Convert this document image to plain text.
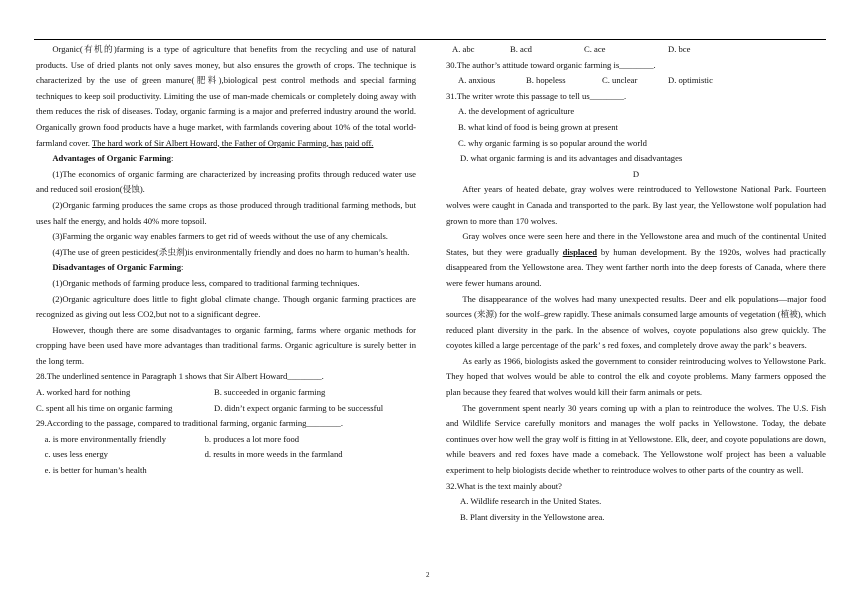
Organic(有机的)farming is a type of agriculture that benefits from the recycling and use of natural products. Use of dried plants not only saves money, but also ensures the growth of crops. The technique is characterized by the use of green manure(肥料),biological pest control methods and special farming techniques to keep soil productivity. Limiting the use of man-made chemicals or completely doing away with them reduces the risk of diseases. Today, organic farming is a major and preferred industry around the world. Organically grown food products have a huge market, with farmlands covering about 10% of the total world-farmland cover. The hard work of Sir Albert Howard, the Father of Organic Farming, has paid off.

Advantages of Organic Farming:

(1)The economics of organic farming are characterized by increasing profits through reduced water use and reduced soil erosion(侵蚀).

(2)Organic farming produces the same crops as those produced through traditional farming methods, but uses half the energy, and holds 40% more topsoil.

(3)Farming the organic way enables farmers to get rid of weeds without the use of any chemicals.

(4)The use of green pesticides(杀虫剂)is environmentally friendly and does no harm to human’s health.

Disadvantages of Organic Farming:

(1)Organic methods of farming produce less, compared to traditional farming techniques.

(2)Organic agriculture does little to fight global climate change. Though organic farming practices are recognized as giving out less CO2,but not to a significant degree.

However, though there are some disadvantages to organic farming, farms where organic methods for cropping have been used have more advantages than traditional farms. Organic agriculture is surely better in the long term.

28.The underlined sentence in Paragraph 1 shows that Sir Albert Howard________.

A. worked hard for nothing	B. succeeded in organic farming
C. spent all his time on organic farming	D. didn’t expect organic farming to be successful

29.According to the passage, compared to traditional farming, organic farming________.

a. is more environmentally friendly	b. produces a lot more food
c. uses less energy	d. results in more weeds in the farmland
e. is better for human’s health
A. abc	B. acd	C. ace	D. bce

30.The author’s attitude toward organic farming is________.

A. anxious	B. hopeless	C. unclear	D. optimistic

31.The writer wrote this passage to tell us________.

A. the development of agriculture

B. what kind of food is being grown at present

C. why organic farming is so popular around the world

D. what organic farming is and its advantages and disadvantages

D

After years of heated debate, gray wolves were reintroduced to Yellowstone National Park. Fourteen wolves were caught in Canada and transported to the park. By last year, the Yellowstone wolf population had grown to more than 170 wolves.

Gray wolves once were seen here and there in the Yellowstone area and much of the continental United States, but they were gradually displaced by human development. By the 1920s, wolves had practically disappeared from the Yellowstone area. They went farther north into the deep forests of Canada, where there were fewer humans around.

The disappearance of the wolves had many unexpected results. Deer and elk populations—major food sources (来源) for the wolf–grew rapidly. These animals consumed large amounts of vegetation (植被), which reduced plant diversity in the park. In the absence of wolves, coyote populations also grew quickly. The coyotes killed a large percentage of the park’ s red foxes, and completely drove away the park’ s beavers.

As early as 1966, biologists asked the government to consider reintroducing wolves to Yellowstone Park. They hoped that wolves would be able to control the elk and coyote problems. Many farmers opposed the plan because they feared that wolves would kill their farm animals or pets.

The government spent nearly 30 years coming up with a plan to reintroduce the wolves. The U.S. Fish and Wildlife Service carefully monitors and manages the wolf packs in Yellowstone. Today, the debate continues over how well the gray wolf is fitting in at Yellowstone. Elk, deer, and coyote populations are down, while beavers and red foxes have made a comeback. The Yellowstone wolf project has been a valuable experiment to help biologists decide whether to reintroduce wolves to other parts of the country as well.

32.What is the text mainly about?

A. Wildlife research in the United States.

B. Plant diversity in the Yellowstone area.

2
